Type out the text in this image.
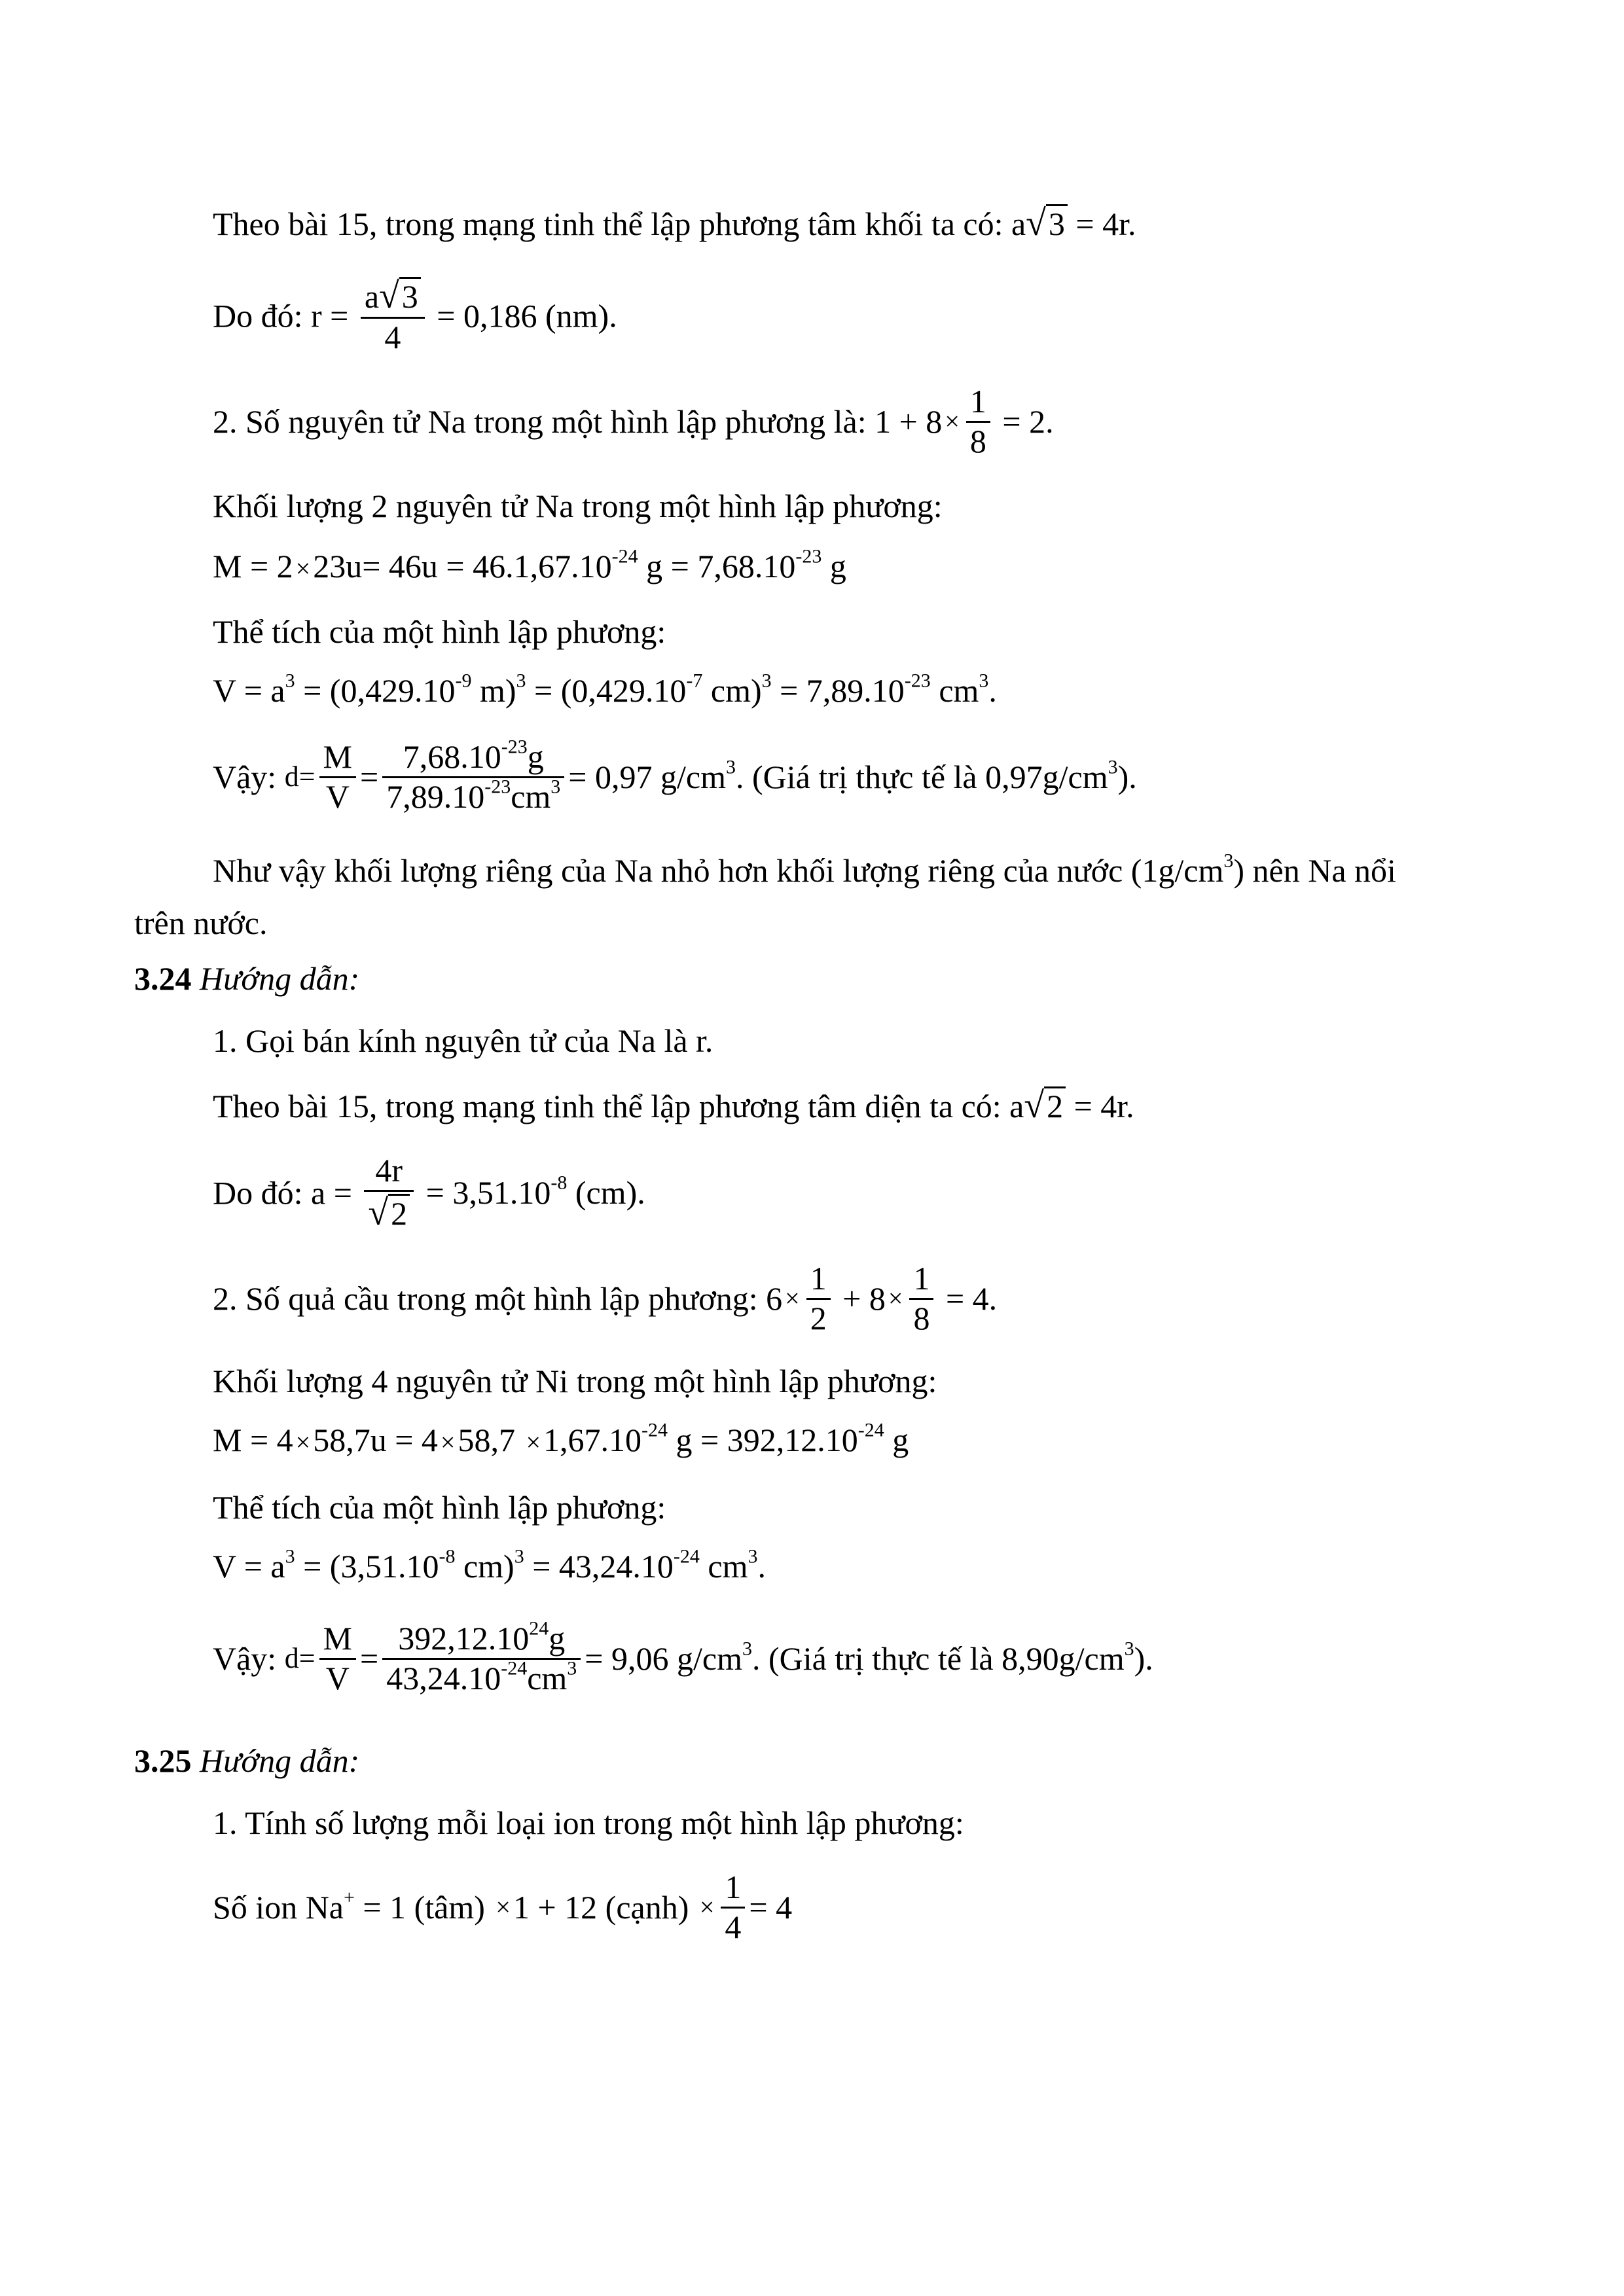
Theo bài 15, trong mạng tinh thể lập phương tâm khối ta có: a√3 = 4r.
Do đó: $r = \frac{a√3}{4} = 0,186$ (nm).
2. Số nguyên tử Na trong một hình lập phương là: $1 + 8 \times \frac{1}{8} = 2$.
Khối lượng 2 nguyên tử Na trong một hình lập phương:
$M = 2 \times 23u= 46u = 46.1,67.10^{-24}$ $g = 7,68.10^{-23}$ g
Thể tích của một hình lập phương:
$V = a^3 = (0,429.10^{-9}$ $m)^3 = (0,429.10^{-7}$ $cm)^3 = 7,89.10^{-23}$ $cm^3$.
Vậy: $d= \frac{M}{V} = \frac{7,68.10^{-23}g}{7,89.10^{-23}cm^3} = 0,97$ $g/cm^3$. (Giá trị thực tế là $0,97g/cm^3$).
Như vậy khối lượng riêng của Na nhỏ hơn khối lượng riêng của nước $(1g/cm^3)$ nên Na nổi
trên nước.
3.24 Hướng dẫn:
1. Gọi bán kính nguyên tử của Na là r.
Theo bài 15, trong mạng tinh thể lập phương tâm diện ta có: a√2 = 4r.
Do đó: $a = \frac{4r}{√2} = 3,51.10^{-8}$ (cm).
2. Số quả cầu trong một hình lập phương: $6 \times \frac{1}{2} + 8 \times \frac{1}{8} = 4$.
Khối lượng 4 nguyên tử Ni trong một hình lập phương:
$M = 4 \times 58,7u = 4 \times 58,7 \times 1,67.10^{-24}$ $g = 392,12.10^{-24}$ g
Thể tích của một hình lập phương:
$V = a^3 = (3,51.10^{-8}$ $cm)^3 = 43,24.10^{-24}$ $cm^3$.
Vậy: $d= \frac{M}{V} = \frac{392,12.10^{24}g}{43,24.10^{-24}cm^3} = 9,06$ $g/cm^3$. (Giá trị thực tế là $8,90g/cm^3$).
3.25 Hướng dẫn:
1. Tính số lượng mỗi loại ion trong một hình lập phương:
Số ion Na+ = 1 (tâm) ×1 + 12 (cạnh) × $\frac{1}{4} = 4$
